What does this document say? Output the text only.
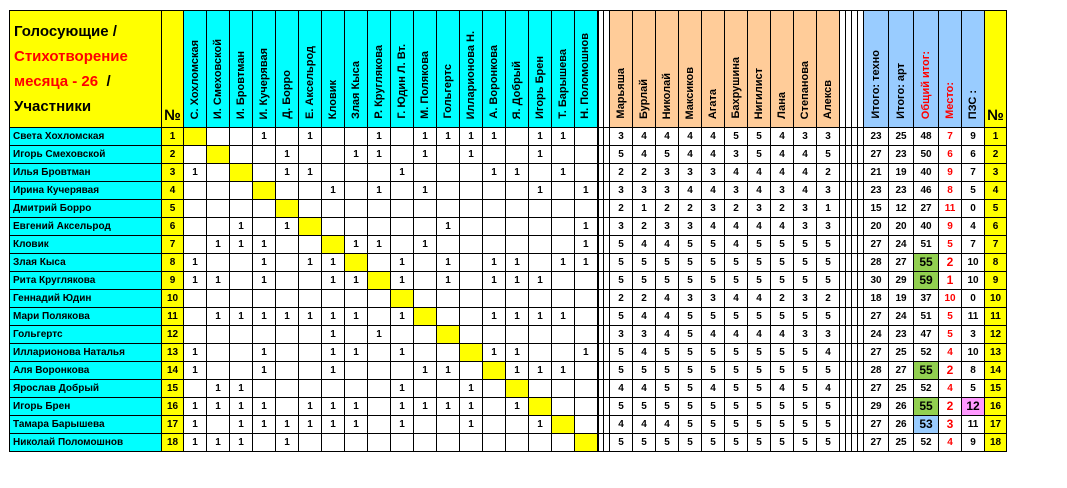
Голосующие /
Стихотворение
месяца - 26 /
Участники	№	С. Хохломская	И. Смеховской	И. Бровтман	И. Кучерявая	Д. Борро	Е. Аксельрод	Кловик	Злая Кыса	Р. Круглякова	Г. Юдин Л. Вт.	М. Полякова	Гольгертс	Илларионова Н.	А. Воронкова	Я. Добрый	Игорь Брен	Т. Барышева	Н. Поломошнов			Марьяша	Бурлай	Николай	Максиков	Агата	Бахрушина	Нигилист	Лана	Степанова	Алексв					Итого: техно	Итого: арт	Общий итог:	Место:	ПЗС :	№
Света Хохломская	1				1		1			1		1	1	1	1		1	1				3	4	4	4	4	5	5	4	3	3					23	25	48	7	9	1
Игорь Смеховской	2					1			1	1		1		1			1					5	4	5	4	4	3	5	4	4	5					27	23	50	6	6	2
Илья Бровтман	3	1				1	1				1				1	1		1				2	2	3	3	3	4	4	4	4	2					21	19	40	9	7	3
Ирина Кучерявая	4							1		1		1					1		1			3	3	3	4	4	3	4	3	4	3					23	23	46	8	5	4
Дмитрий Борро	5																					2	1	2	2	3	2	3	2	3	1					15	12	27	11	0	5
Евгений Аксельрод	6			1		1							1						1			3	2	3	3	4	4	4	4	3	3					20	20	40	9	4	6
Кловик	7		1	1	1				1	1		1							1			5	4	4	5	5	4	5	5	5	5					27	24	51	5	7	7
Злая Кыса	8	1			1		1	1			1		1		1	1		1	1			5	5	5	5	5	5	5	5	5	5					28	27	55	2	10	8
Рита Круглякова	9	1	1		1			1	1		1		1		1	1	1					5	5	5	5	5	5	5	5	5	5					30	29	59	1	10	9
Геннадий Юдин	10																					2	2	4	3	3	4	4	2	3	2					18	19	37	10	0	10
Мари Полякова	11		1	1	1	1	1	1	1		1				1	1	1	1				5	4	4	5	5	5	5	5	5	5					27	24	51	5	11	11
Гольгертс	12							1		1												3	3	4	5	4	4	4	4	3	3					24	23	47	5	3	12
Илларионова Наталья	13	1			1			1	1		1				1	1			1			5	4	5	5	5	5	5	5	5	4					27	25	52	4	10	13
Аля Воронкова	14	1			1			1				1	1			1	1	1				5	5	5	5	5	5	5	5	5	5					28	27	55	2	8	14
Ярослав Добрый	15		1	1							1			1								4	4	5	5	4	5	5	4	5	4					27	25	52	4	5	15
Игорь Брен	16	1	1	1	1		1	1	1		1	1	1	1		1						5	5	5	5	5	5	5	5	5	5					29	26	55	2	12	16
Тамара Барышева	17	1		1	1	1	1	1	1		1			1			1					4	4	4	5	5	5	5	5	5	5					27	26	53	3	11	17
Николай Поломошнов	18	1	1	1		1																5	5	5	5	5	5	5	5	5	5					27	25	52	4	9	18
